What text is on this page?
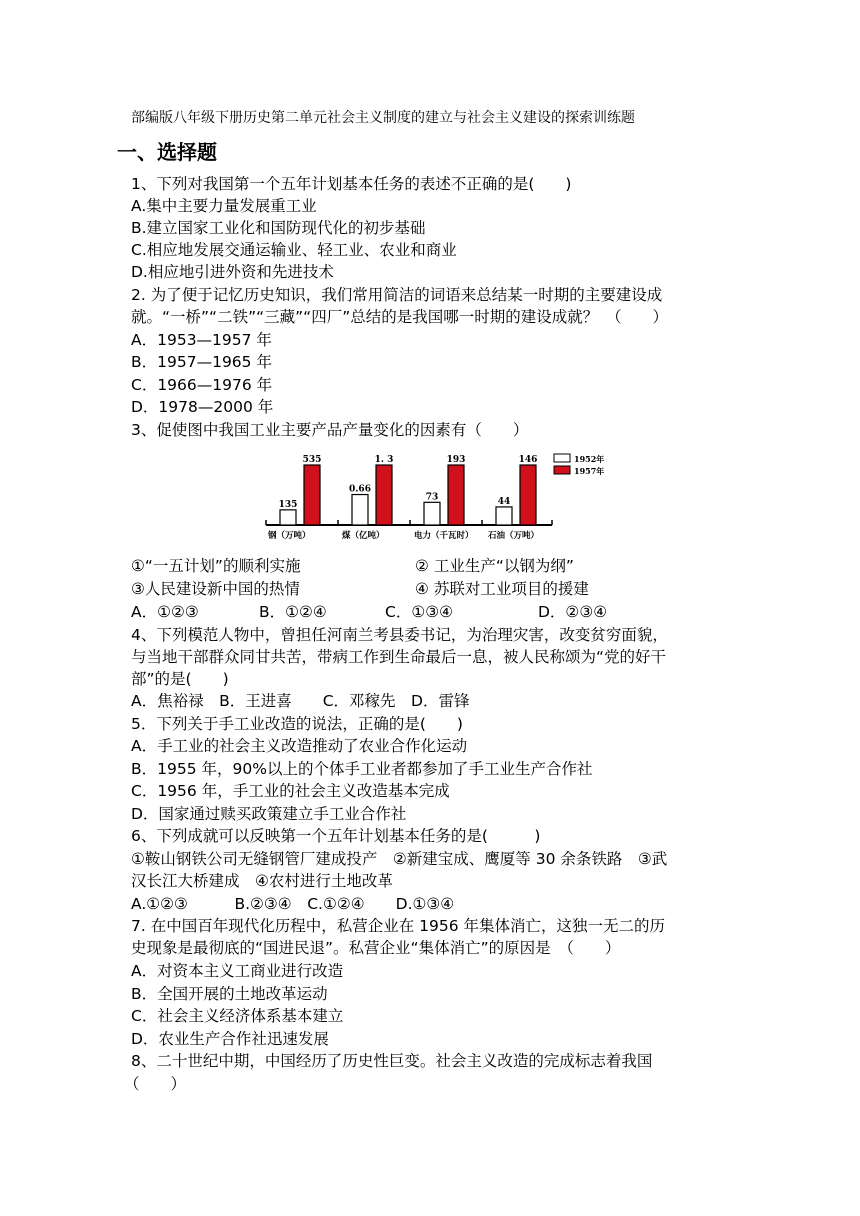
部编版八年级下册历史第二单元社会主义制度的建立与社会主义建设的探索训练题
一、选择题
1、下列对我国第一个五年计划基本任务的表述不正确的是(　　)
A.集中主要力量发展重工业
B.建立国家工业化和国防现代化的初步基础
C.相应地发展交通运输业、轻工业、农业和商业
D.相应地引进外资和先进技术
2. 为了便于记忆历史知识，我们常用简洁的词语来总结某一时期的主要建设成
就。“一桥”“二铁”“三藏”“四厂”总结的是我国哪一时期的建设成就？　（　　）
A．1953—1957 年
B．1957—1965 年
C．1966—1976 年
D．1978—2000 年
3、促使图中我国工业主要产品产量变化的因素有（　　）
135
535
钢（万吨）
0.66
1. 3
煤（亿吨）
73
193
电力（千瓦时）
44
146
石油（万吨）
1952年
1957年
①“一五计划”的顺利实施	② 工业生产“以钢为纲”
③人民建设新中国的热情	④ 苏联对工业项目的援建
A．①②③	B．①②④	C．①③④	D．②③④
4、下列模范人物中，曾担任河南兰考县委书记，为治理灾害，改变贫穷面貌，
与当地干部群众同甘共苦，带病工作到生命最后一息，被人民称颂为“党的好干
部”的是(　　)
A．焦裕禄　B．王进喜　　C．邓稼先　D．雷锋
5．下列关于手工业改造的说法，正确的是(　　)
A．手工业的社会主义改造推动了农业合作化运动
B．1955 年，90%以上的个体手工业者都参加了手工业生产合作社
C．1956 年，手工业的社会主义改造基本完成
D．国家通过赎买政策建立手工业合作社
6、下列成就可以反映第一个五年计划基本任务的是(　　　)
①鞍山钢铁公司无缝钢管厂建成投产　②新建宝成、鹰厦等 30 余条铁路　③武
汉长江大桥建成　④农村进行土地改革
A.①②③　　　B.②③④　C.①②④　　D.①③④
7. 在中国百年现代化历程中，私营企业在 1956 年集体消亡，这独一无二的历
史现象是最彻底的“国进民退”。私营企业“集体消亡”的原因是　（　　）
A．对资本主义工商业进行改造
B．全国开展的土地改革运动
C．社会主义经济体系基本建立
D．农业生产合作社迅速发展
8、二十世纪中期，中国经历了历史性巨变。社会主义改造的完成标志着我国
（　　）
